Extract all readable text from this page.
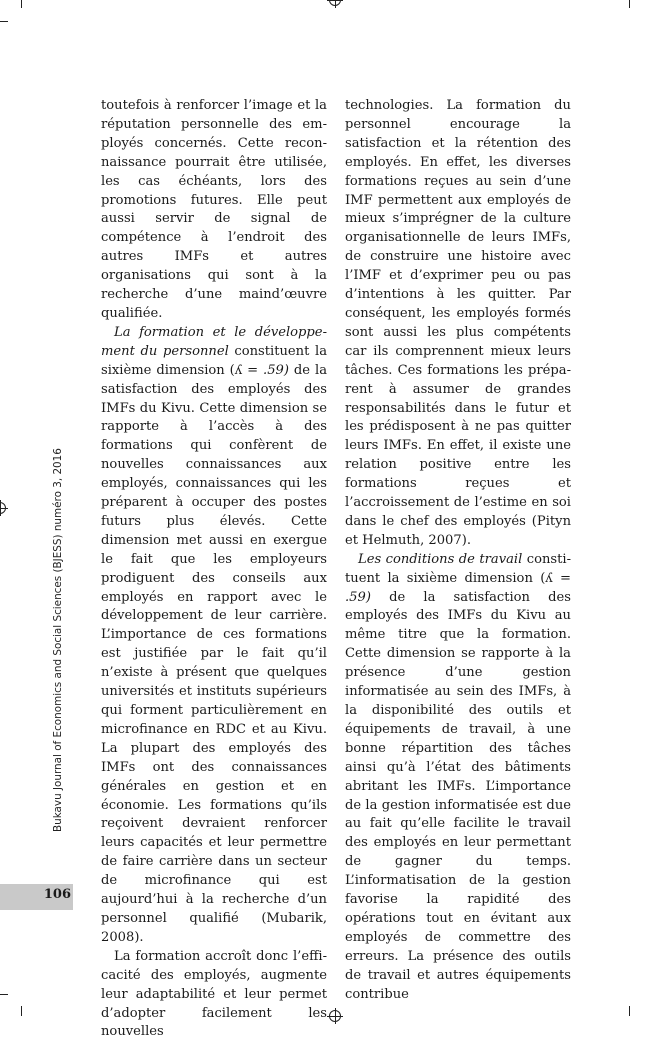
Bukavu Journal of Economics and Social Sciences (BJESS) numéro 3, 2016
106

toutefois à renforcer l’image et la réputation personnelle des employés concernés. Cette reconnaissance pourrait être utilisée, les cas échéants, lors des promotions futures. Elle peut aussi servir de signal de compétence à l’endroit des autres IMFs et autres organisations qui sont à la recherche d’une maind’œuvre qualifiée.

La formation et le développement du personnel constituent la sixième dimension (ʎ = .59) de la satisfaction des employés des IMFs du Kivu. Cette dimension se rapporte à l’accès à des formations qui confèrent de nouvelles connaissances aux employés, connaissances qui les préparent à occuper des postes futurs plus élevés. Cette dimension met aussi en exergue le fait que les employeurs prodiguent des conseils aux employés en rapport avec le développement de leur carrière. L’importance de ces formations est justifiée par le fait qu’il n’existe à présent que quelques universités et instituts supérieurs qui forment particulièrement en microfinance en RDC et au Kivu. La plupart des employés des IMFs ont des connaissances générales en gestion et en économie. Les formations qu’ils reçoivent devraient renforcer leurs capacités et leur permettre de faire carrière dans un secteur de microfinance qui est aujourd’hui à la recherche d’un personnel qualifié (Mubarik, 2008).

La formation accroît donc l’efficacité des employés, augmente leur adaptabilité et leur permet d’adopter facilement les nouvelles

technologies. La formation du personnel encourage la satisfaction et la rétention des employés. En effet, les diverses formations reçues au sein d’une IMF permettent aux employés de mieux s’imprégner de la culture organisationnelle de leurs IMFs, de construire une histoire avec l’IMF et d’exprimer peu ou pas d’intentions à les quitter. Par conséquent, les employés formés sont aussi les plus compétents car ils comprennent mieux leurs tâches. Ces formations les préparent à assumer de grandes responsabilités dans le futur et les prédisposent à ne pas quitter leurs IMFs. En effet, il existe une relation positive entre les formations reçues et l’accroissement de l’estime en soi dans le chef des employés (Pityn et Helmuth, 2007).

Les conditions de travail constituent la sixième dimension (ʎ = .59) de la satisfaction des employés des IMFs du Kivu au même titre que la formation. Cette dimension se rapporte à la présence d’une gestion informatisée au sein des IMFs, à la disponibilité des outils et équipements de travail, à une bonne répartition des tâches ainsi qu’à l’état des bâtiments abritant les IMFs. L’importance de la gestion informatisée est due au fait qu’elle facilite le travail des employés en leur permettant de gagner du temps. L’informatisation de la gestion favorise la rapidité des opérations tout en évitant aux employés de commettre des erreurs. La présence des outils de travail et autres équipements contribue
